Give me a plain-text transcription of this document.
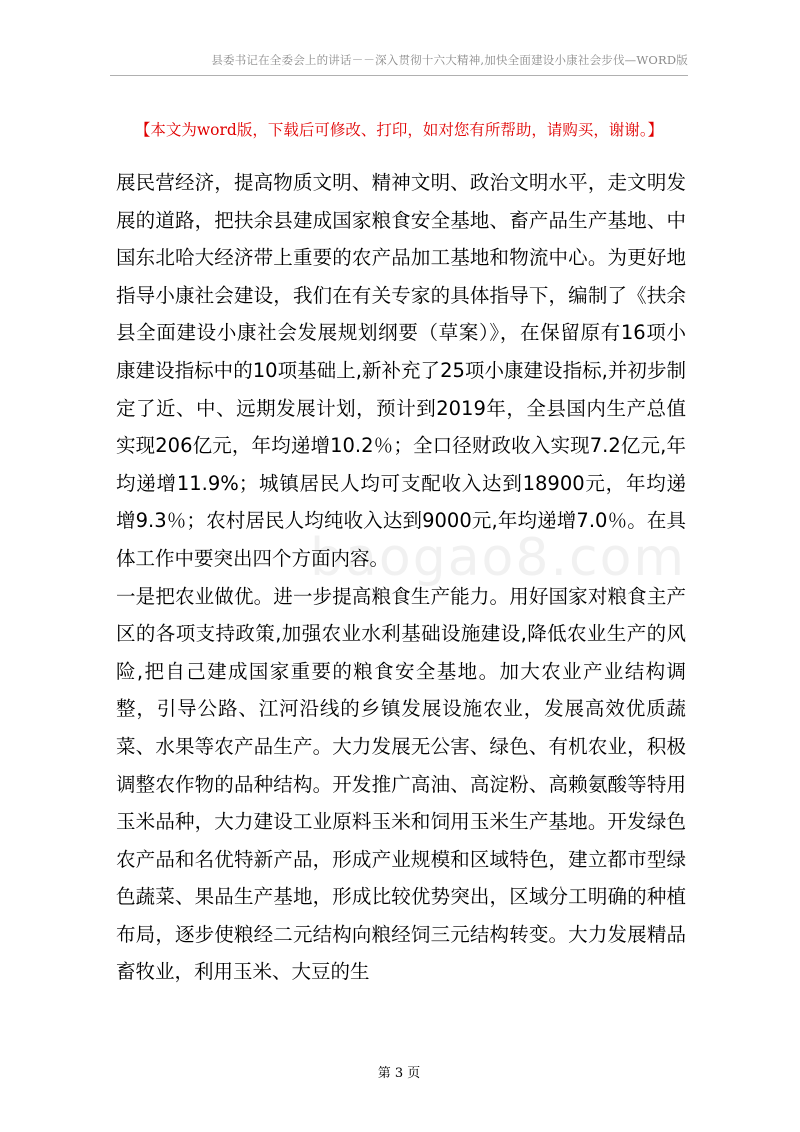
县委书记在全委会上的讲话－－深入贯彻十六大精神,加快全面建设小康社会步伐—WORD版
【本文为word版，下载后可修改、打印，如对您有所帮助，请购买，谢谢。】
baogao8.com

展民营经济，提高物质文明、精神文明、政治文明水平，走文明发展的道路，把扶余县建成国家粮食安全基地、畜产品生产基地、中国东北哈大经济带上重要的农产品加工基地和物流中心。为更好地指导小康社会建设，我们在有关专家的具体指导下，编制了《扶余县全面建设小康社会发展规划纲要（草案）》，在保留原有16项小康建设指标中的10项基础上,新补充了25项小康建设指标,并初步制定了近、中、远期发展计划，预计到2019年，全县国内生产总值实现206亿元，年均递增10.2％；全口径财政收入实现7.2亿元,年均递增11.9%；城镇居民人均可支配收入达到18900元，年均递增9.3％；农村居民人均纯收入达到9000元,年均递增7.0％。在具体工作中要突出四个方面内容。

一是把农业做优。进一步提高粮食生产能力。用好国家对粮食主产区的各项支持政策,加强农业水利基础设施建设,降低农业生产的风险,把自己建成国家重要的粮食安全基地。加大农业产业结构调整，引导公路、江河沿线的乡镇发展设施农业，发展高效优质蔬菜、水果等农产品生产。大力发展无公害、绿色、有机农业，积极调整农作物的品种结构。开发推广高油、高淀粉、高赖氨酸等特用玉米品种，大力建设工业原料玉米和饲用玉米生产基地。开发绿色农产品和名优特新产品，形成产业规模和区域特色，建立都市型绿色蔬菜、果品生产基地，形成比较优势突出，区域分工明确的种植布局，逐步使粮经二元结构向粮经饲三元结构转变。大力发展精品畜牧业，利用玉米、大豆的生

第 3 页
